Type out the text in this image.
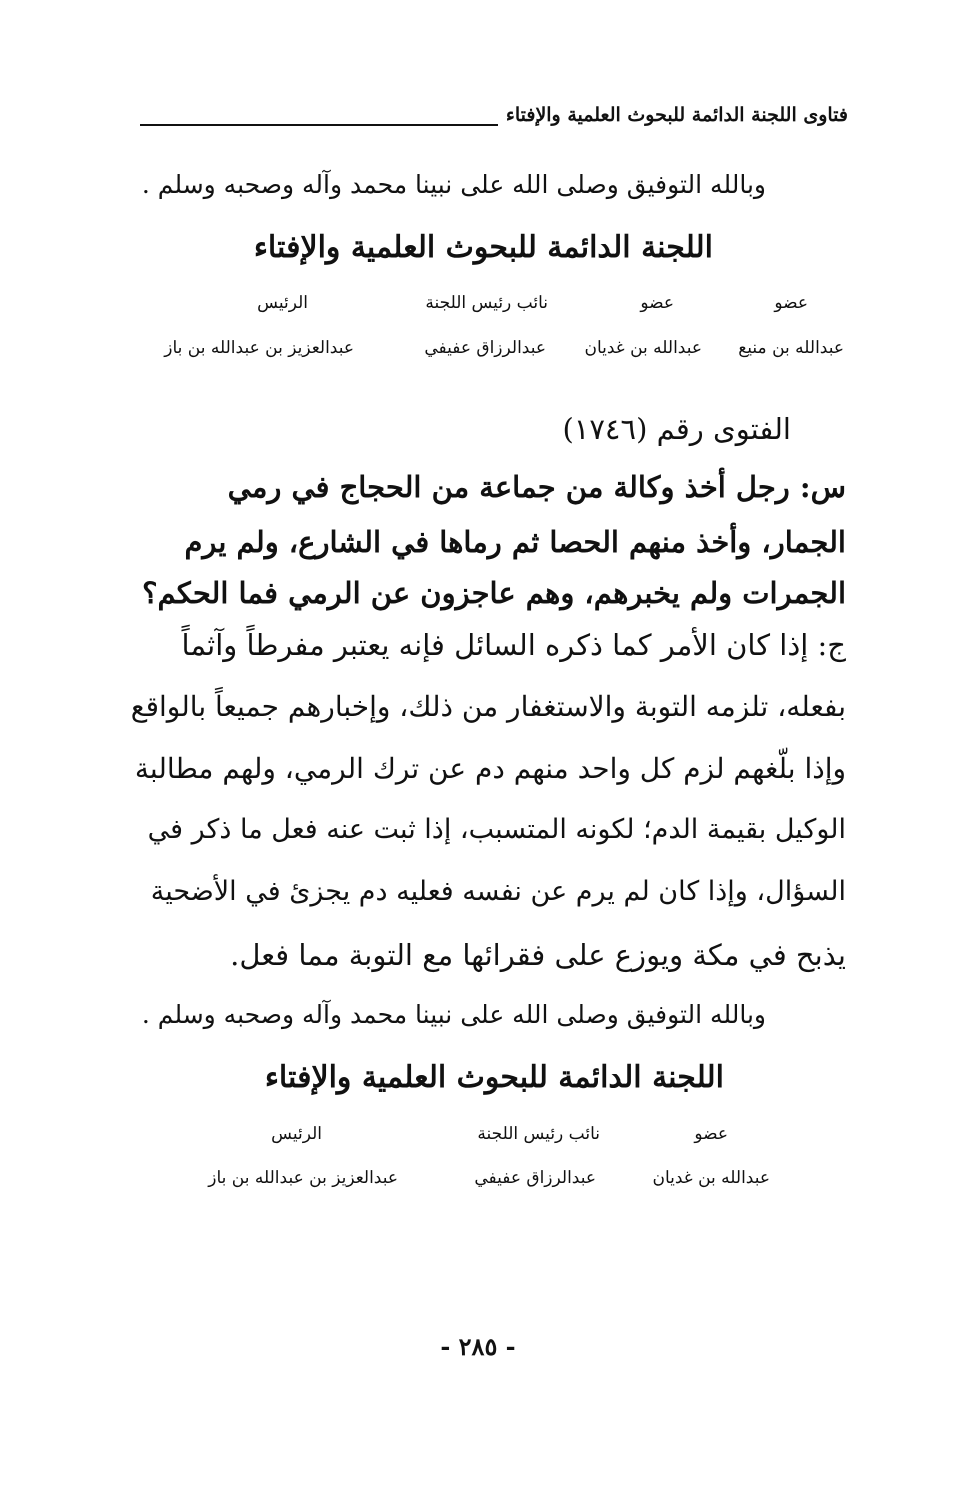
فتاوى اللجنة الدائمة للبحوث العلمية والإفتاء
وبالله التوفيق وصلى الله على نبينا محمد وآله وصحبه وسلم .
اللجنة الدائمة للبحوث العلمية والإفتاء
عضو
عضو
نائب رئيس اللجنة
الرئيس
عبدالله بن منيع
عبدالله بن غديان
عبدالرزاق عفيفي
عبدالعزيز بن عبدالله بن باز
الفتوى رقم (١٧٤٦)
س: رجل أخذ وكالة من جماعة من الحجاج في رمي
الجمار، وأخذ منهم الحصا ثم رماها في الشارع، ولم يرم
الجمرات ولم يخبرهم، وهم عاجزون عن الرمي فما الحكم؟
ج: إذا كان الأمر كما ذكره السائل فإنه يعتبر مفرطاً وآثماً
بفعله، تلزمه التوبة والاستغفار من ذلك، وإخبارهم جميعاً بالواقع
وإذا بلّغهم لزم كل واحد منهم دم عن ترك الرمي، ولهم مطالبة
الوكيل بقيمة الدم؛ لكونه المتسبب، إذا ثبت عنه فعل ما ذكر في
السؤال، وإذا كان لم يرم عن نفسه فعليه دم يجزئ في الأضحية
يذبح في مكة ويوزع على فقرائها مع التوبة مما فعل.
وبالله التوفيق وصلى الله على نبينا محمد وآله وصحبه وسلم .
اللجنة الدائمة للبحوث العلمية والإفتاء
عضو
نائب رئيس اللجنة
الرئيس
عبدالله بن غديان
عبدالرزاق عفيفي
عبدالعزيز بن عبدالله بن باز
- ٢٨٥ -
